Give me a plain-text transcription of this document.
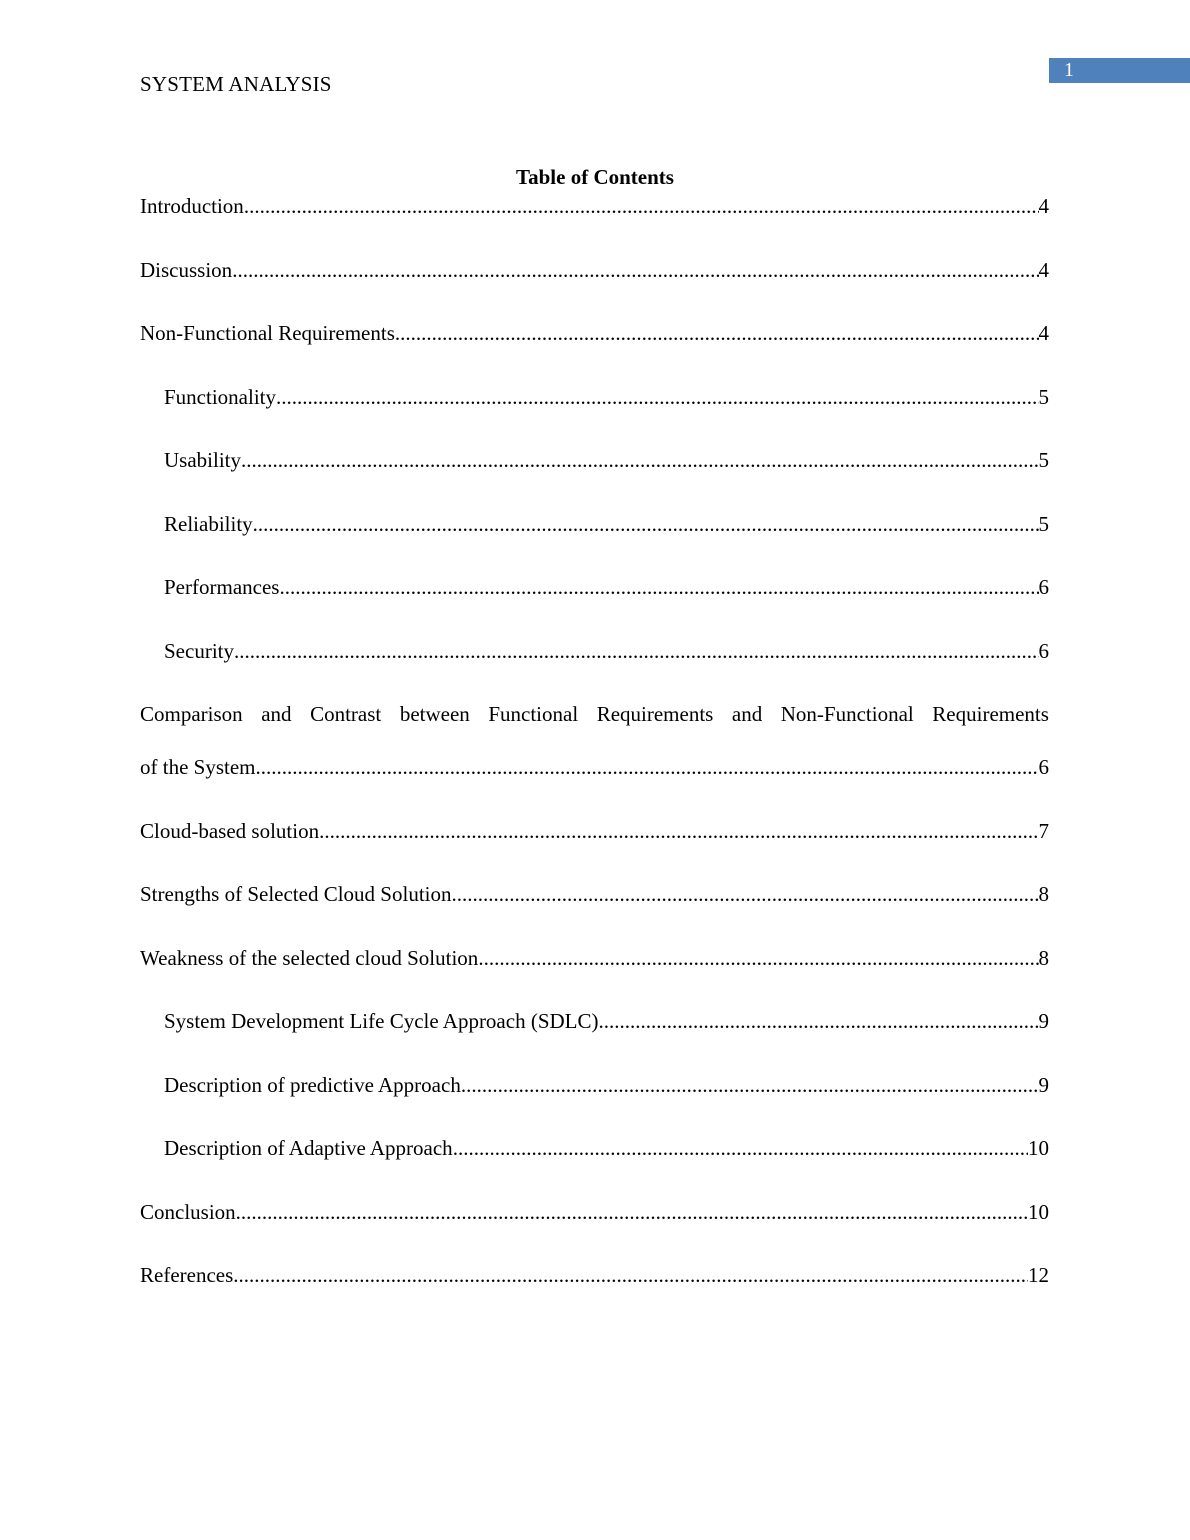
SYSTEM ANALYSIS
1
Table of Contents
Introduction .....	4
Discussion .....	4
Non-Functional Requirements .....	4
Functionality .....	5
Usability .....	5
Reliability .....	5
Performances .....	6
Security .....	6
Comparison and Contrast between Functional Requirements and Non-Functional Requirements
of the System .....	6
Cloud-based solution .....	7
Strengths of Selected Cloud Solution .....	8
Weakness of the selected cloud Solution .....	8
System Development Life Cycle Approach (SDLC) .....	9
Description of predictive Approach .....	9
Description of Adaptive Approach .....	10
Conclusion .....	10
References .....	12
